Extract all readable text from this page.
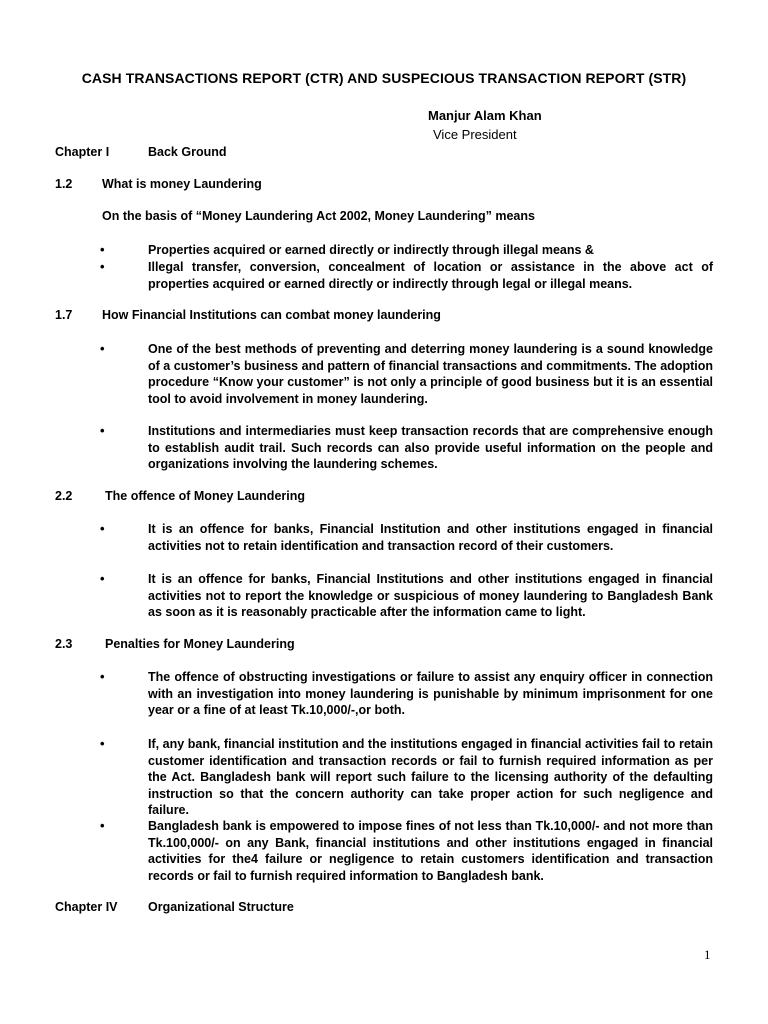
CASH TRANSACTIONS REPORT (CTR) AND SUSPECIOUS TRANSACTION REPORT (STR)
Manjur Alam Khan
Vice President
Chapter I	Back Ground
1.2 What is money Laundering
On the basis of “Money Laundering Act 2002, Money Laundering” means
•	Properties acquired or earned directly or indirectly through illegal means &
•	Illegal transfer, conversion, concealment of location or assistance in the above act of properties acquired or earned directly or indirectly through legal or illegal means.
1.7 How Financial Institutions can combat money laundering
•	One of the best methods of preventing and deterring money laundering is a sound knowledge of a customer’s business and pattern of financial transactions and commitments. The adoption procedure “Know your customer” is not only a principle of good business but it is an essential tool to avoid involvement in money laundering.
•	Institutions and intermediaries must keep transaction records that are comprehensive enough to establish audit trail. Such records can also provide useful information on the people and organizations involving the laundering schemes.
2.2	The offence of Money Laundering
•	It is an offence for banks, Financial Institution and other institutions engaged in financial activities not to retain identification and transaction record of their customers.
•	It is an offence for banks, Financial Institutions and other institutions engaged in financial activities not to report the knowledge or suspicious of money laundering to Bangladesh Bank as soon as it is reasonably practicable after the information came to light.
2.3	Penalties for Money Laundering
•	The offence of obstructing investigations or failure to assist any enquiry officer in connection with an investigation into money laundering is punishable by minimum imprisonment for one year or a fine of at least Tk.10,000/-,or both.
•	If, any bank, financial institution and the institutions engaged in financial activities fail to retain customer identification and transaction records or fail to furnish required information as per the Act. Bangladesh bank will report such failure to the licensing authority of the defaulting instruction so that the concern authority can take proper action for such negligence and failure.
•	Bangladesh bank is empowered to impose fines of not less than Tk.10,000/- and not more than Tk.100,000/- on any Bank, financial institutions and other institutions engaged in financial activities for the4 failure or negligence to retain customers identification and transaction records or fail to furnish required information to Bangladesh bank.
Chapter IV Organizational Structure
1
